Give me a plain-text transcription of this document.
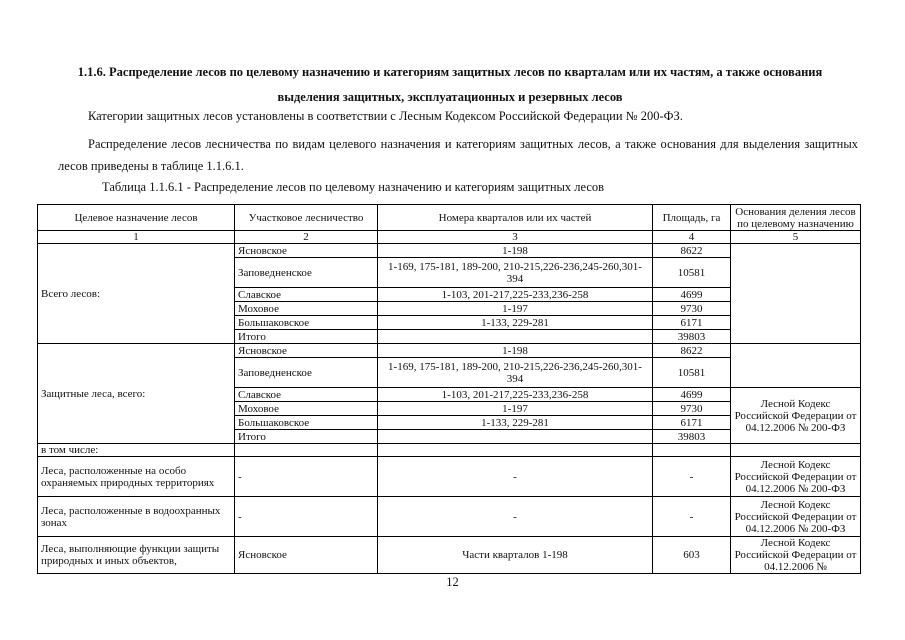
1.1.6. Распределение лесов по целевому назначению и категориям защитных лесов по кварталам или их частям, а также основания
выделения защитных, эксплуатационных и резервных лесов
Категории защитных лесов установлены в соответствии с Лесным Кодексом Российской Федерации № 200-ФЗ.
Распределение лесов лесничества по видам целевого назначения и категориям защитных лесов, а также основания для выделения защитных лесов приведены в таблице 1.1.6.1.
Таблица 1.1.6.1 - Распределение лесов по целевому назначению и категориям защитных лесов
Целевое назначение лесов	Участковое лесничество	Номера кварталов или их частей	Площадь, га	Основания деления лесов по целевому назначению
1	2	3	4	5
Всего лесов:	Ясновское	1-198	8622	
	Заповедненское	1-169, 175-181, 189-200, 210-215,226-236,245-260,301-394	10581	
	Славское	1-103, 201-217,225-233,236-258	4699	
	Моховое	1-197	9730	
	Большаковское	1-133, 229-281	6171	
	Итого		39803	
Защитные леса, всего:	Ясновское	1-198	8622	
	Заповедненское	1-169, 175-181, 189-200, 210-215,226-236,245-260,301-394	10581	
	Славское	1-103, 201-217,225-233,236-258	4699	Лесной Кодекс Российской Федерации от 04.12.2006 № 200-ФЗ
	Моховое	1-197	9730	
	Большаковское	1-133, 229-281	6171	
	Итого		39803	
в том числе:				
Леса, расположенные на особо охраняемых природных территориях	-	-	-	Лесной Кодекс Российской Федерации от 04.12.2006 № 200-ФЗ
Леса, расположенные в водоохранных зонах	-	-	-	Лесной Кодекс Российской Федерации от 04.12.2006 № 200-ФЗ
Леса, выполняющие функции защиты природных и иных объектов,	Ясновское	Части кварталов 1-198	603	Лесной Кодекс Российской Федерации от 04.12.2006 №
12
